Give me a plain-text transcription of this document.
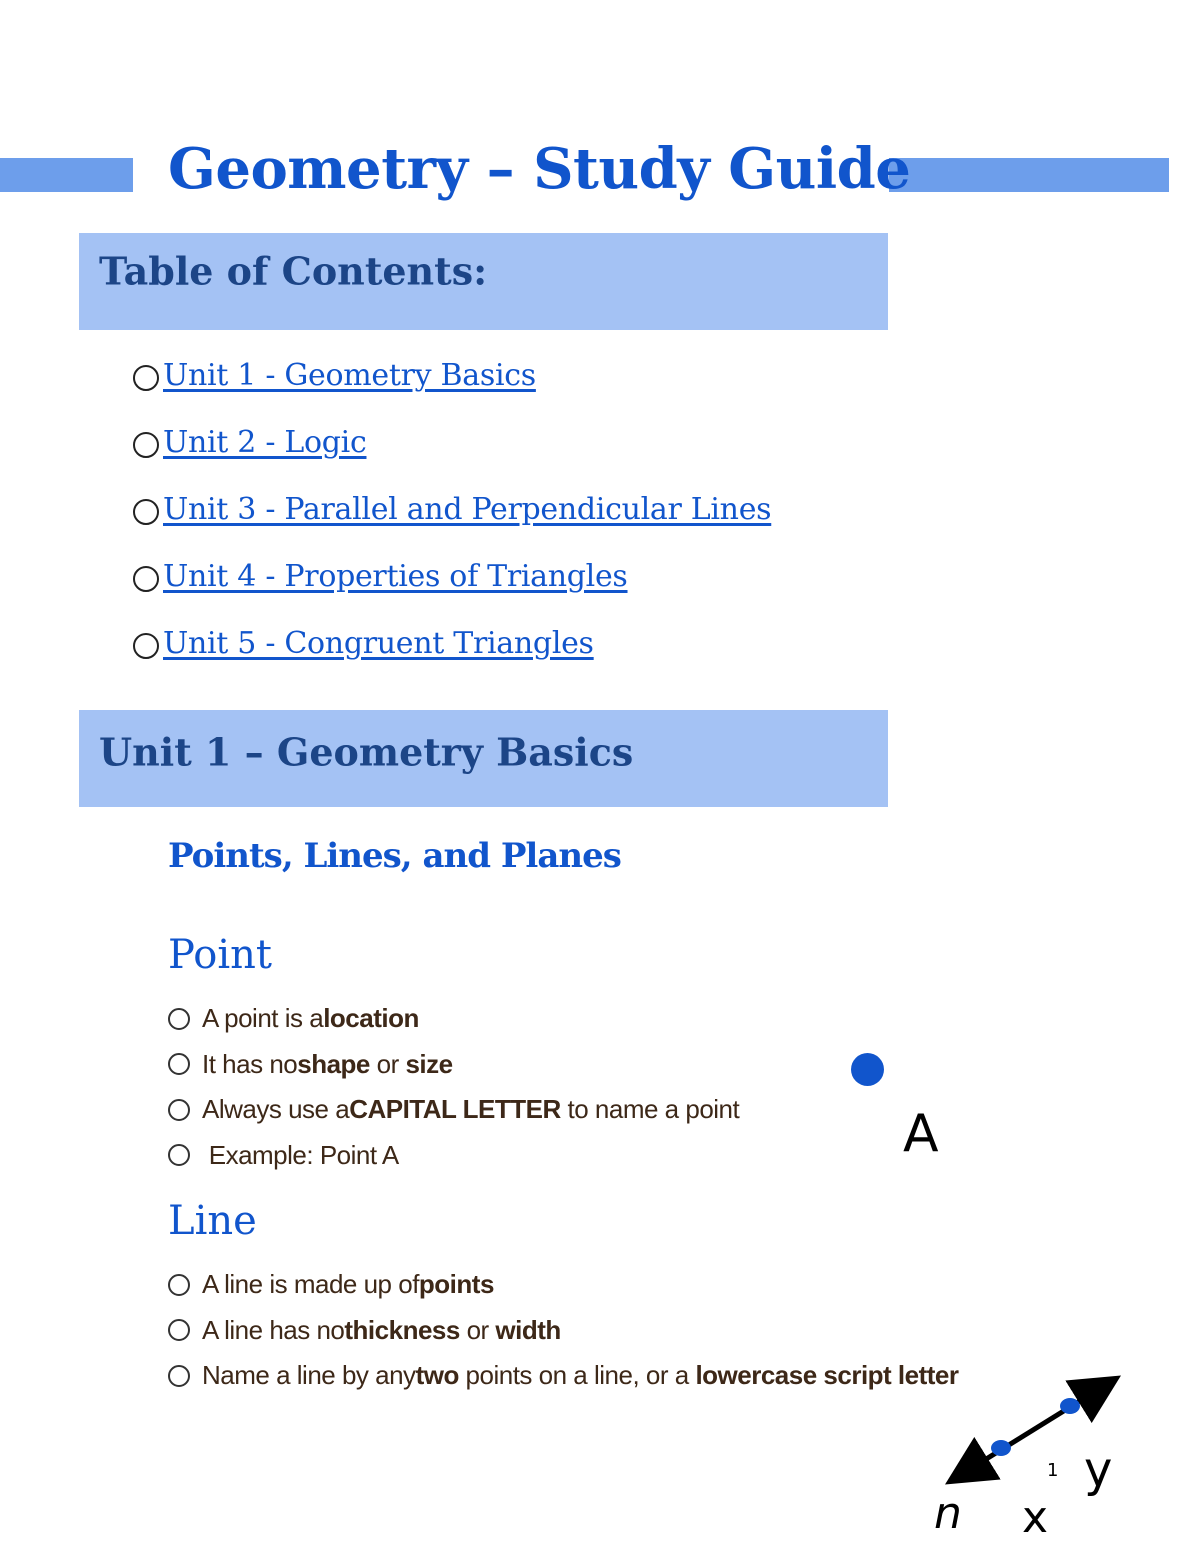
Geometry – Study Guide
Table of Contents:
Unit 1 - Geometry Basics
Unit 2 - Logic
Unit 3 - Parallel and Perpendicular Lines
Unit 4 - Properties of Triangles
Unit 5 - Congruent Triangles
Unit 1 – Geometry Basics
Points, Lines, and Planes
Point
A point is a location
It has no shape or size
Always use a CAPITAL LETTER to name a point
Example: Point A	A
Line
A line is made up of points
A line has no thickness or width
Name a line by any two points on a line, or a lowercase script letter
n x
1 y
